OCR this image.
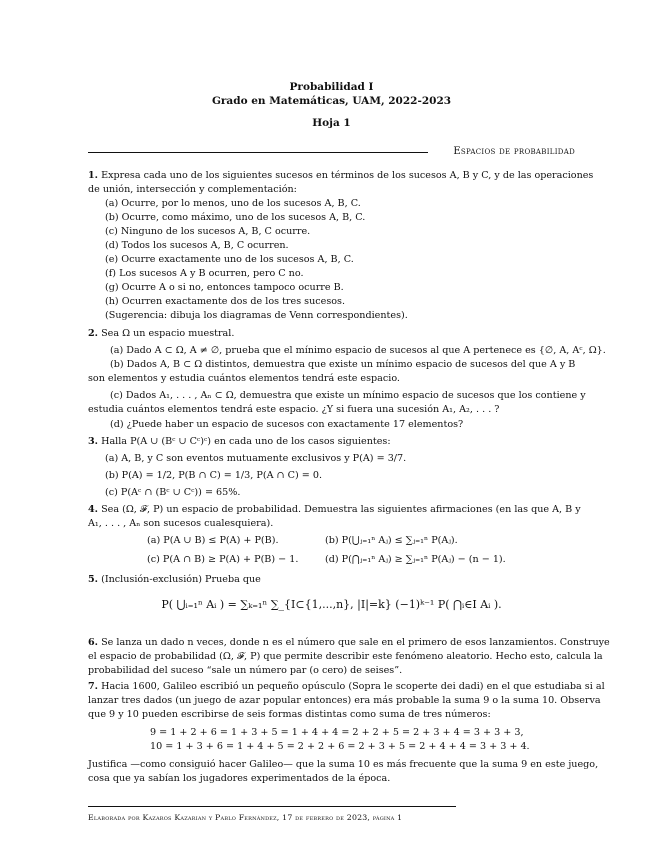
Probabilidad I
Grado en Matemáticas, UAM, 2022-2023
Hoja 1
Espacios de probabilidad
1. Expresa cada uno de los siguientes sucesos en términos de los sucesos A, B y C, y de las operaciones
de unión, intersección y complementación:
(a) Ocurre, por lo menos, uno de los sucesos A, B, C.
(b) Ocurre, como máximo, uno de los sucesos A, B, C.
(c) Ninguno de los sucesos A, B, C ocurre.
(d) Todos los sucesos A, B, C ocurren.
(e) Ocurre exactamente uno de los sucesos A, B, C.
(f) Los sucesos A y B ocurren, pero C no.
(g) Ocurre A o si no, entonces tampoco ocurre B.
(h) Ocurren exactamente dos de los tres sucesos.
(Sugerencia: dibuja los diagramas de Venn correspondientes).
2. Sea Ω un espacio muestral.
(a) Dado A ⊂ Ω, A ≠ ∅, prueba que el mínimo espacio de sucesos al que A pertenece es {∅, A, Aᶜ, Ω}.
(b) Dados A, B ⊂ Ω distintos, demuestra que existe un mínimo espacio de sucesos del que A y B
son elementos y estudia cuántos elementos tendrá este espacio.
(c) Dados A₁, . . . , Aₙ ⊂ Ω, demuestra que existe un mínimo espacio de sucesos que los contiene y
estudia cuántos elementos tendrá este espacio. ¿Y si fuera una sucesión A₁, A₂, . . . ?
(d) ¿Puede haber un espacio de sucesos con exactamente 17 elementos?
3. Halla P(A ∪ (Bᶜ ∪ Cᶜ)ᶜ) en cada uno de los casos siguientes:
(a) A, B, y C son eventos mutuamente exclusivos y P(A) = 3/7.
(b) P(A) = 1/2, P(B ∩ C) = 1/3, P(A ∩ C) = 0.
(c) P(Aᶜ ∩ (Bᶜ ∪ Cᶜ)) = 65%.
4. Sea (Ω, 𝓕, P) un espacio de probabilidad. Demuestra las siguientes afirmaciones (en las que A, B y
A₁, . . . , Aₙ son sucesos cualesquiera).
(a) P(A ∪ B) ≤ P(A) + P(B).	(b) P(⋃ⱼ₌₁ⁿ Aⱼ) ≤ ∑ⱼ₌₁ⁿ P(Aⱼ).
(c) P(A ∩ B) ≥ P(A) + P(B) − 1.	(d) P(⋂ⱼ₌₁ⁿ Aⱼ) ≥ ∑ⱼ₌₁ⁿ P(Aⱼ) − (n − 1).
5. (Inclusión-exclusión) Prueba que
P( ⋃ᵢ₌₁ⁿ Aᵢ ) = ∑ₖ₌₁ⁿ ∑_{I⊂{1,...,n}, |I|=k} (−1)ᵏ⁻¹ P( ⋂ᵢ∈I Aᵢ ).
6. Se lanza un dado n veces, donde n es el número que sale en el primero de esos lanzamientos. Construye
el espacio de probabilidad (Ω, 𝓕, P) que permite describir este fenómeno aleatorio. Hecho esto, calcula la
probabilidad del suceso “sale un número par (o cero) de seises”.
7. Hacia 1600, Galileo escribió un pequeño opúsculo (Sopra le scoperte dei dadi) en el que estudiaba si al
lanzar tres dados (un juego de azar popular entonces) era más probable la suma 9 o la suma 10. Observa
que 9 y 10 pueden escribirse de seis formas distintas como suma de tres números:
9 = 1 + 2 + 6 = 1 + 3 + 5 = 1 + 4 + 4 = 2 + 2 + 5 = 2 + 3 + 4 = 3 + 3 + 3,
10 = 1 + 3 + 6 = 1 + 4 + 5 = 2 + 2 + 6 = 2 + 3 + 5 = 2 + 4 + 4 = 3 + 3 + 4.
Justifica —como consiguió hacer Galileo— que la suma 10 es más frecuente que la suma 9 en este juego,
cosa que ya sabían los jugadores experimentados de la época.
Elaborada por Kazaros Kazarian y Pablo Fernández, 17 de febrero de 2023, página 1
